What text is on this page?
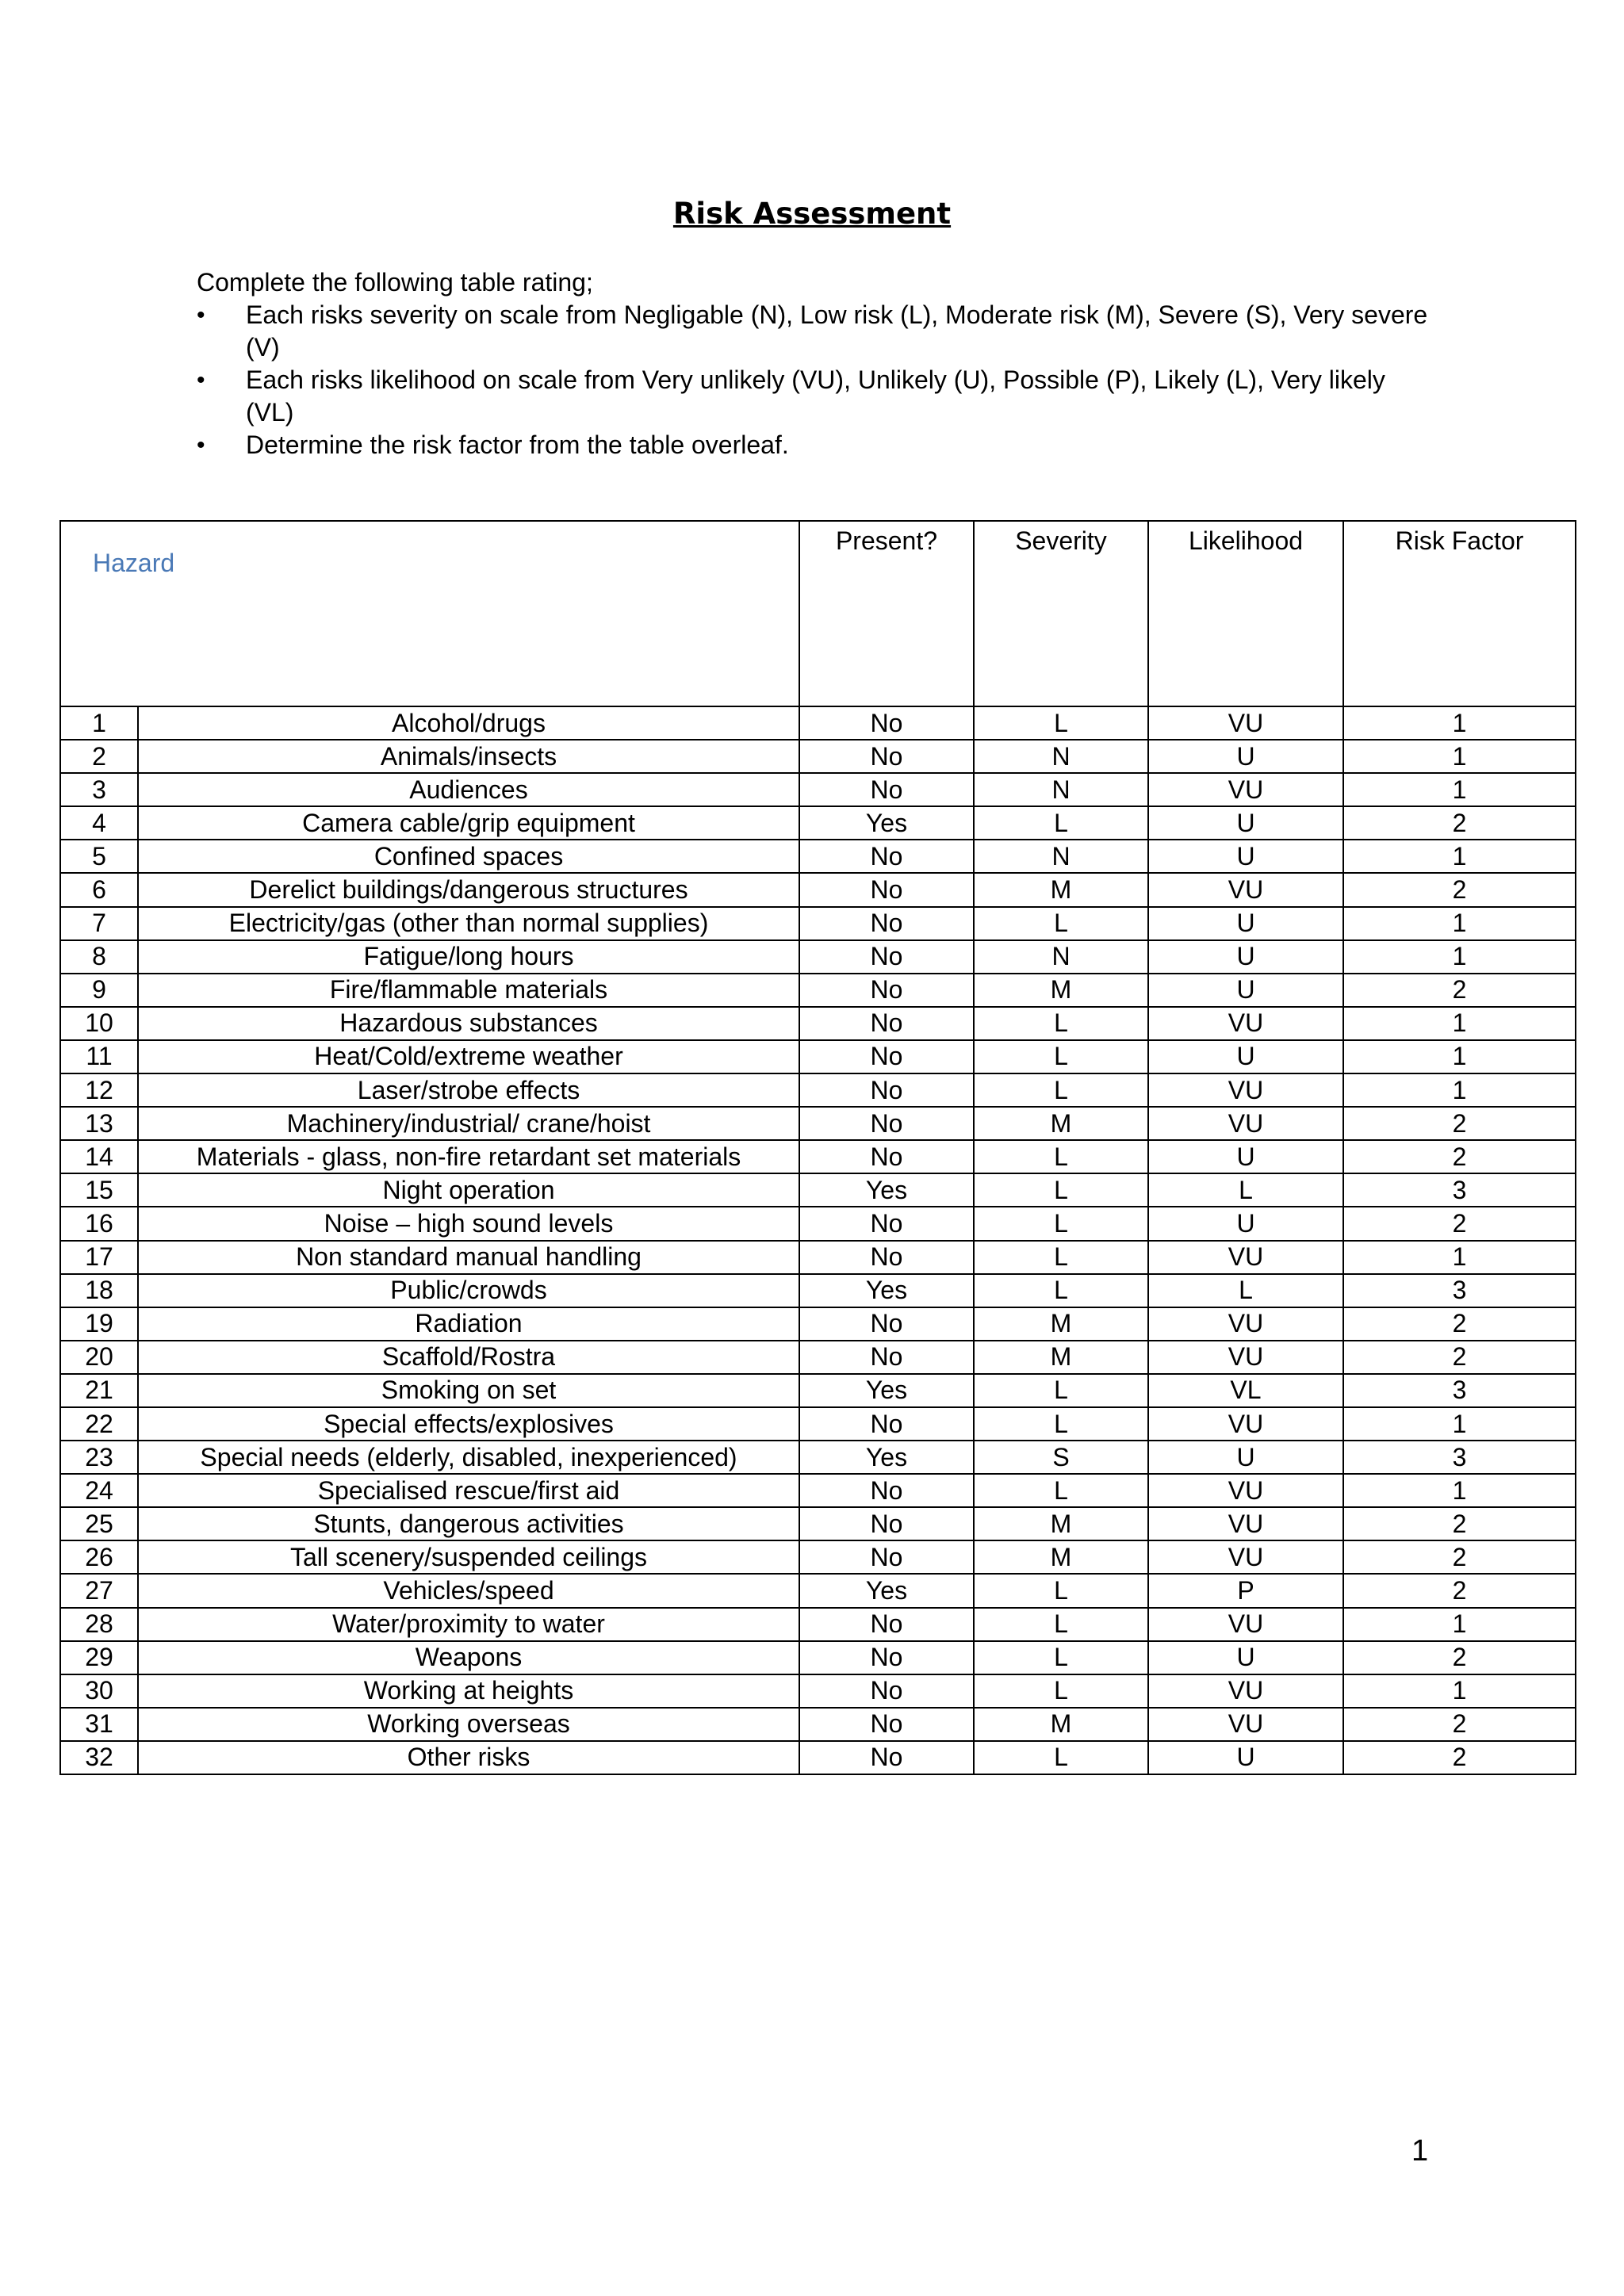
Risk Assessment
Complete the following table rating;
• Each risks severity on scale from Negligable (N), Low risk (L), Moderate risk (M), Severe (S), Very severe (V)
• Each risks likelihood on scale from Very unlikely (VU), Unlikely (U), Possible (P), Likely (L), Very likely (VL)
• Determine the risk factor from the table overleaf.
Hazard		Present?	Severity	Likelihood	Risk Factor
1	Alcohol/drugs	No	L	VU	1
2	Animals/insects	No	N	U	1
3	Audiences	No	N	VU	1
4	Camera cable/grip equipment	Yes	L	U	2
5	Confined spaces	No	N	U	1
6	Derelict buildings/dangerous structures	No	M	VU	2
7	Electricity/gas (other than normal supplies)	No	L	U	1
8	Fatigue/long hours	No	N	U	1
9	Fire/flammable materials	No	M	U	2
10	Hazardous substances	No	L	VU	1
11	Heat/Cold/extreme weather	No	L	U	1
12	Laser/strobe effects	No	L	VU	1
13	Machinery/industrial/ crane/hoist	No	M	VU	2
14	Materials - glass, non-fire retardant set materials	No	L	U	2
15	Night operation	Yes	L	L	3
16	Noise – high sound levels	No	L	U	2
17	Non standard manual handling	No	L	VU	1
18	Public/crowds	Yes	L	L	3
19	Radiation	No	M	VU	2
20	Scaffold/Rostra	No	M	VU	2
21	Smoking on set	Yes	L	VL	3
22	Special effects/explosives	No	L	VU	1
23	Special needs (elderly, disabled, inexperienced)	Yes	S	U	3
24	Specialised rescue/first aid	No	L	VU	1
25	Stunts, dangerous activities	No	M	VU	2
26	Tall scenery/suspended ceilings	No	M	VU	2
27	Vehicles/speed	Yes	L	P	2
28	Water/proximity to water	No	L	VU	1
29	Weapons	No	L	U	2
30	Working at heights	No	L	VU	1
31	Working overseas	No	M	VU	2
32	Other risks	No	L	U	2
1
